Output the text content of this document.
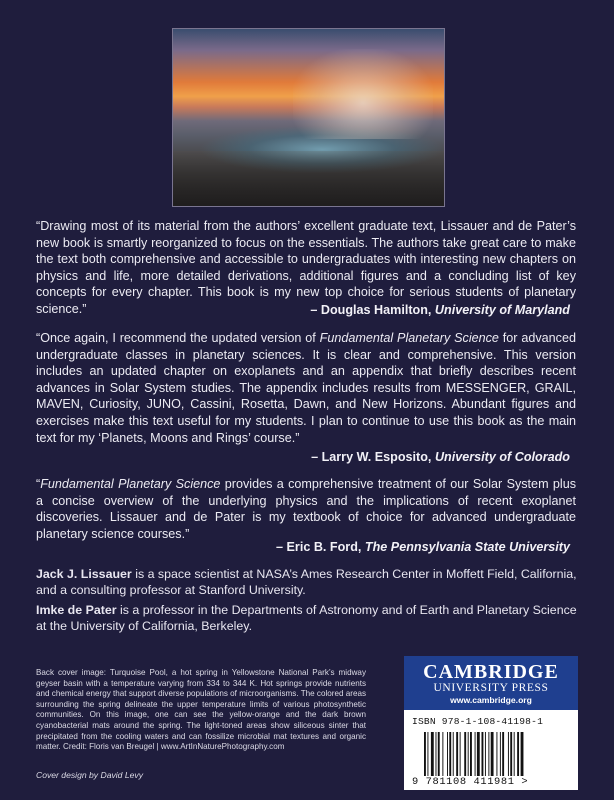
“Drawing most of its material from the authors’ excellent graduate text, Lissauer and de Pater’s new book is smartly reorganized to focus on the essentials. The authors take great care to make the text both comprehensive and accessible to undergraduates with interesting new chapters on physics and life, more detailed derivations, additional figures and a concluding list of key concepts for every chapter. This book is my new top choice for serious students of planetary science.”	– Douglas Hamilton, University of Maryland

“Once again, I recommend the updated version of Fundamental Planetary Science for advanced undergraduate classes in planetary sciences. It is clear and comprehensive. This version includes an updated chapter on exoplanets and an appendix that briefly describes recent advances in Solar System studies. The appendix includes results from MESSENGER, GRAIL, MAVEN, Curiosity, JUNO, Cassini, Rosetta, Dawn, and New Horizons. Abundant figures and exercises make this text useful for my students. I plan to continue to use this book as the main text for my ‘Planets, Moons and Rings’ course.”

– Larry W. Esposito, University of Colorado

“Fundamental Planetary Science provides a comprehensive treatment of our Solar System plus a concise overview of the underlying physics and the implications of recent exoplanet discoveries. Lissauer and de Pater is my textbook of choice for advanced undergraduate planetary science courses.”

– Eric B. Ford, The Pennsylvania State University

Jack J. Lissauer is a space scientist at NASA’s Ames Research Center in Moffett Field, California, and a consulting professor at Stanford University.

Imke de Pater is a professor in the Departments of Astronomy and of Earth and Planetary Science at the University of California, Berkeley.

Back cover image: Turquoise Pool, a hot spring in Yellowstone National Park’s midway geyser basin with a temperature varying from 334 to 344 K. Hot springs provide nutrients and chemical energy that support diverse populations of microorganisms. The colored areas surrounding the spring delineate the upper temperature limits of various photosynthetic communities. On this image, one can see the yellow-orange and the dark brown cyanobacterial mats around the spring. The light-toned areas show siliceous sinter that precipitated from the cooling waters and can fossilize microbial mat textures and organic matter. Credit: Floris van Breugel | www.ArtInNaturePhotography.com

Cover design by David Levy

CAMBRIDGE
UNIVERSITY PRESS
www.cambridge.org
ISBN 978-1-108-41198-1
9 781108 411981 >
